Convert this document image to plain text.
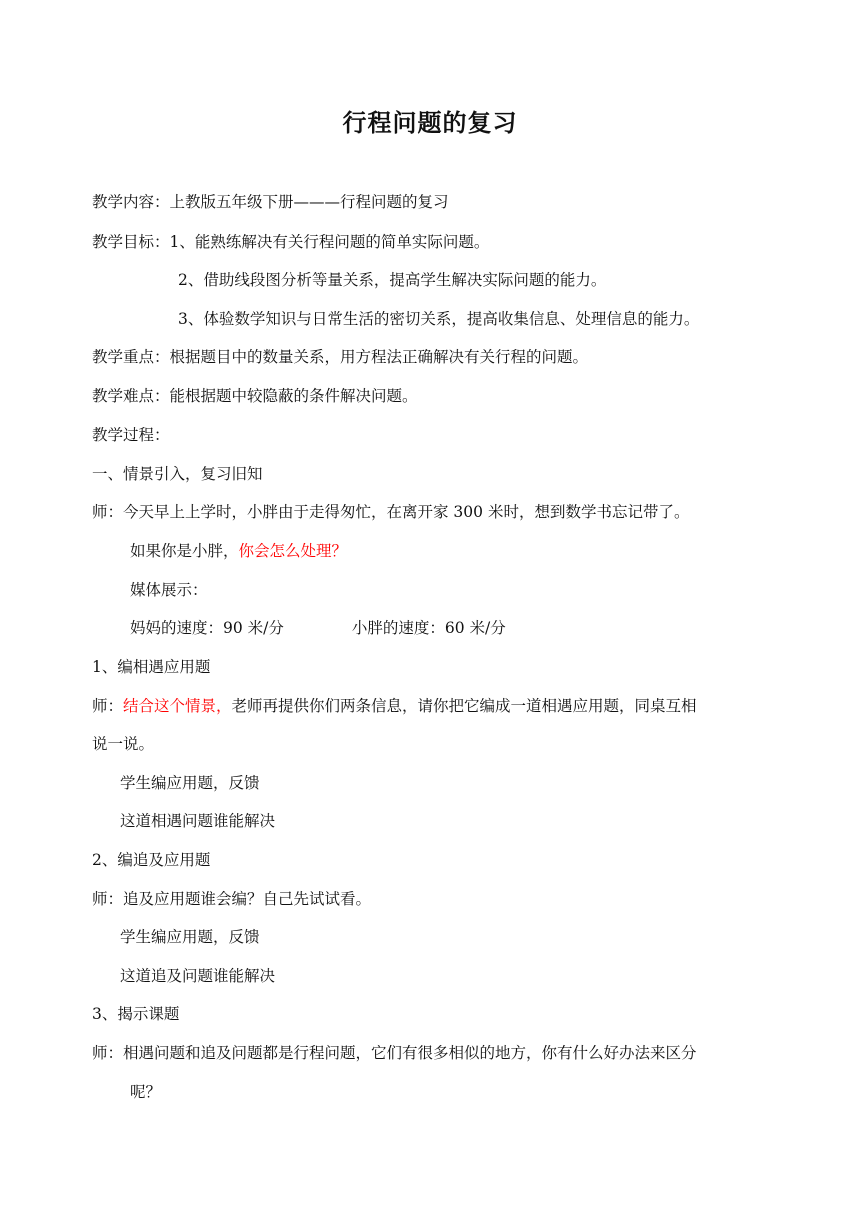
行程问题的复习
教学内容：上教版五年级下册———行程问题的复习
教学目标：1、能熟练解决有关行程问题的简单实际问题。
2、借助线段图分析等量关系，提高学生解决实际问题的能力。
3、体验数学知识与日常生活的密切关系，提高收集信息、处理信息的能力。
教学重点：根据题目中的数量关系，用方程法正确解决有关行程的问题。
教学难点：能根据题中较隐蔽的条件解决问题。
教学过程：
一、情景引入，复习旧知
师：今天早上上学时，小胖由于走得匆忙，在离开家 300 米时，想到数学书忘记带了。
如果你是小胖，你会怎么处理？
媒体展示：
妈妈的速度：90 米/分	小胖的速度：60 米/分
1、编相遇应用题
师：结合这个情景，老师再提供你们两条信息，请你把它编成一道相遇应用题，同桌互相
说一说。
学生编应用题，反馈
这道相遇问题谁能解决
2、编追及应用题
师：追及应用题谁会编？自己先试试看。
学生编应用题，反馈
这道追及问题谁能解决
3、揭示课题
师：相遇问题和追及问题都是行程问题，它们有很多相似的地方，你有什么好办法来区分
呢？
